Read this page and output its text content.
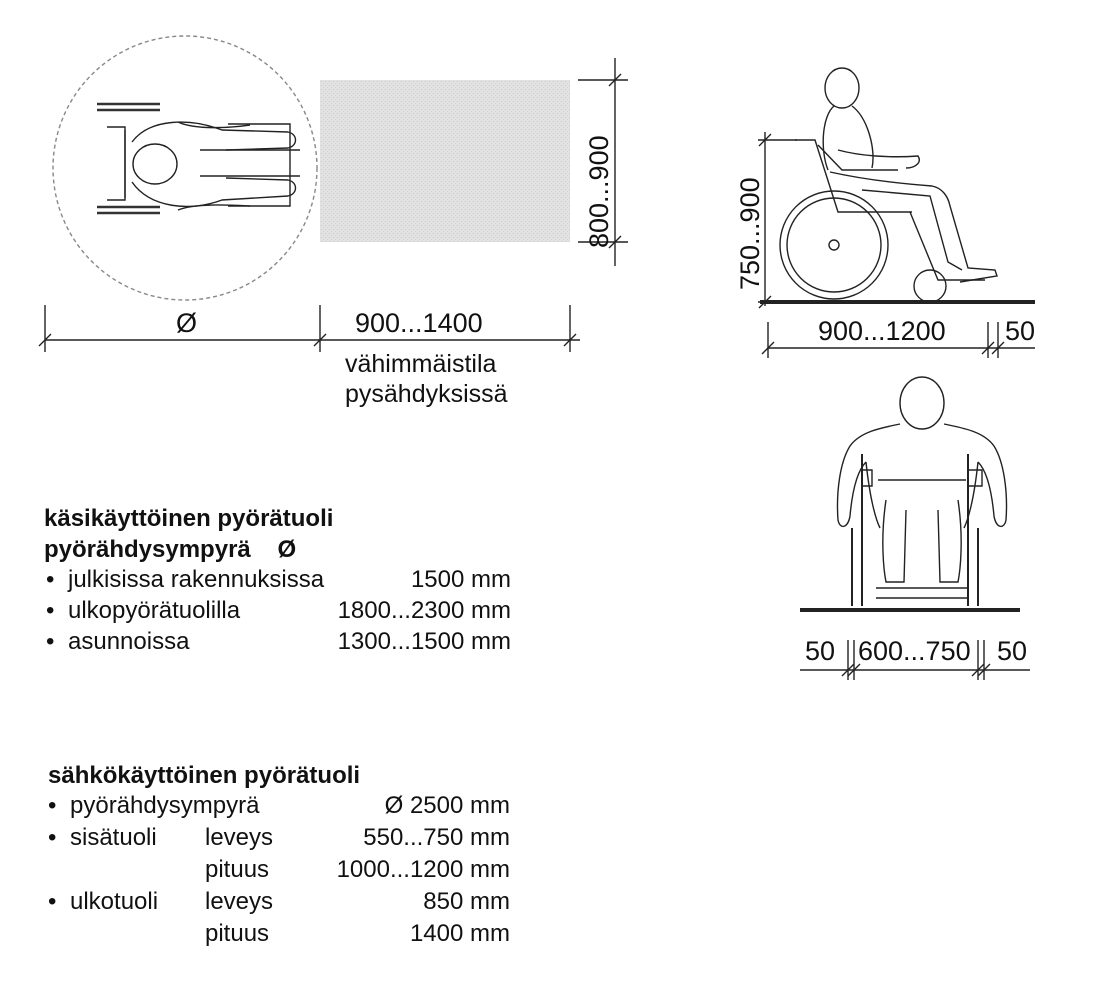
Ø	900...1400
800...900
vähimmäistila
pysähdyksissä
750...900
900...1200 50
50 600...750 50
käsikäyttöinen pyörätuoli
pyörähdysympyrä Ø
• julkisissa rakennuksissa	1500 mm
• ulkopyörätuolilla	1800...2300 mm
• asunnoissa	1300...1500 mm
sähkökäyttöinen pyörätuoli
• pyörähdysympyrä	Ø 2500 mm
• sisätuoli leveys	550...750 mm
pituus	1000...1200 mm
• ulkotuoli leveys	850 mm
pituus	1400 mm
